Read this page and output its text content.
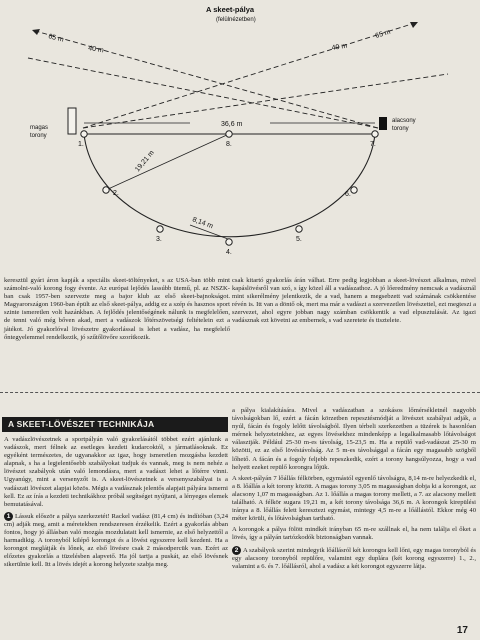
A skeet-pálya
(felülnézetben)
65 m
40 m	40 m
65 m
magas torony
alacsony torony
36,6 m
19,21 m
8,14 m
1.
2.
3.
4.
5.
6.
7.
8.

keresztül gyári áron kapják a speciális skeet-töltényeket, s az USA-ban több mint számolni-való korong fogy évente. Az európai lejődés lassúbb ütemű, pl. az NSZK-ban csak 1957-ben szervezte meg a bajor klub az első skeet-bajnokságot. Magyarországon 1960-ban épült az első skeet-pálya, addig ez a szép és hasznos sport szinte ismeretlen volt hazánkban. A fejlődés jelentőségének nálunk is megfelelően, de tenni való még bőven akad, mert a vadászok lőtérszövetségi feltételein ezt a játékot. Jó gyakorlóval lövészetre gyakorlással is lehet a vadász, ha megfelelő őntegyelemmel rendelkezik, jó szűtőlövőre szorítkozik.

csak kitartó gyakorlás árán válhat. Erre pedig legjobban a skeet-lövészet alkalmas, mivel kapáslövésről van szó, s így közel áll a vadászathoz. A jó lőeredmény nemcsak a vadásznál mint sikerélmény jelentkezik, de a vad, hanem a megsebzett vad számának csökkentése révén is. Itt van a döntő ok, mert ma már a vadászt a szervezetlen lövészettel, ezt megteszi a szervezet, ahol egyre jobban nagy számban csökkentik a vad elpusztulását. Az igazi vadásznak ezt követni az embernek, s vad szeretete és tisztelete.

A SKEET-LÖVÉSZET TECHNIKÁJA

A vadászlövészetnek a sportpályán való gyakorlásától többet ezért ajánlunk a vadászok, mert félnek az esetleges kezdeti kudarcoktól, s jármatlásoknak. Ez egyéként természetes, de ugyanakkor az igaz, hogy ismeretlen mozgásba kezdett alapnak, s ha a legjelentősebb szabályokat tudjuk és vannak, meg is nem nehéz a lövészet szabályok után való lemondásra, mert a vadászt lehet a lőtérre vinni. Ugyanúgy, mint a versenyzőt is. A skeet-lövészetnek a versenyszabályai is a vadászati lövészet alapjai közös. Mégis a vadásznak jelentős alapjait pályára ismerni kell. Ez az írás a kezdeti technikákhoz próbál segítséget nyújtani, a lényeges elemek bemutatásával.

1 Lássuk először a pálya szerkezetét! Rackel vadász (81,4 cm) és indítóban (3,24 cm) adják meg, amit a méretekben rendszeresen érzékelik. Ezért a gyakorlás abban fontos, hogy jó állásban való mozgás mozdulatait kell ismernie, az első helyzettől a harmadikig. A toronyból kilépő korongot és a lövést egyszerre kell kezdeni. Ha a korongot meglátják és lőnek, az első lövésre csak 2 másodpercük van. Ezért az előzetes gyakorlás a tüzelésben alapvető. Ha jól tartja a puskát, az első lövésnek sikerülnie kell. Itt a lövés idejét a korong helyzete szabja meg.

a pálya kialakítására. Mivel a vadászatban a szokásos lőmérsékletnél nagyobb távolságokban lő, ezért a fácán körzetben repesztésmódját a lövészet szabályai adják, a nyúl, fácán és fogoly lelőtt távolságból. Ilyen térbeli szerkezetben a tüzérek is hasonlóan mérnek helyzeteinkhez, az egyes lövésekhez mindenképp a legalkalmasabb lőtávolságot választják. Például 25-30 m-es távolság, 15-23,5 m. Ha a repülő vad-vadászat 25-30 m közötti, ez az első lövéstávolság. Az 5 m-es távolsággal a fácán egy magasabb szögből lőhető. A fácán és a fogoly feljebb repeszkedik, ezért a torony hangsúlyozza, hogy a vad helyett ezeket repülő korongra lőjük.

A skeet-pályán 7 lőállás félkörben, egymástól egyenlő távolságra, 8,14 m-re helyezkedik el, a 8. lőállás a két torony között. A magas torony 3,05 m magasságban dobja ki a korongot, az alacsony 1,07 m magasságban. Az 1. lőállás a magas torony mellett, a 7. az alacsony mellett található. A félkör sugara 19,21 m, a két torony távolsága 36,6 m. A korongok kirepülési iránya a 8. lőállás felett keresztezi egymást, mintegy 4,5 m-re a lőállástól. Ekkor még 40 méter körüli, és lőtávolságban tartható.

A korongok a pálya fölött mindkét irányban 65 m-re szállnak el, ha nem találja el őket a lövés, így a pályán tartózkodók biztonságban vannak.

2 A szabályok szerint mindegyik lőállásról két korongra kell lőni, egy magas toronyból és egy alacsony toronyból repülőre, valamint egy duplára (két korong egyszerre) 1., 2., valamint a 6. és 7. lőállásról, ahol a vadász a két korongot egyszerre látja.

17
